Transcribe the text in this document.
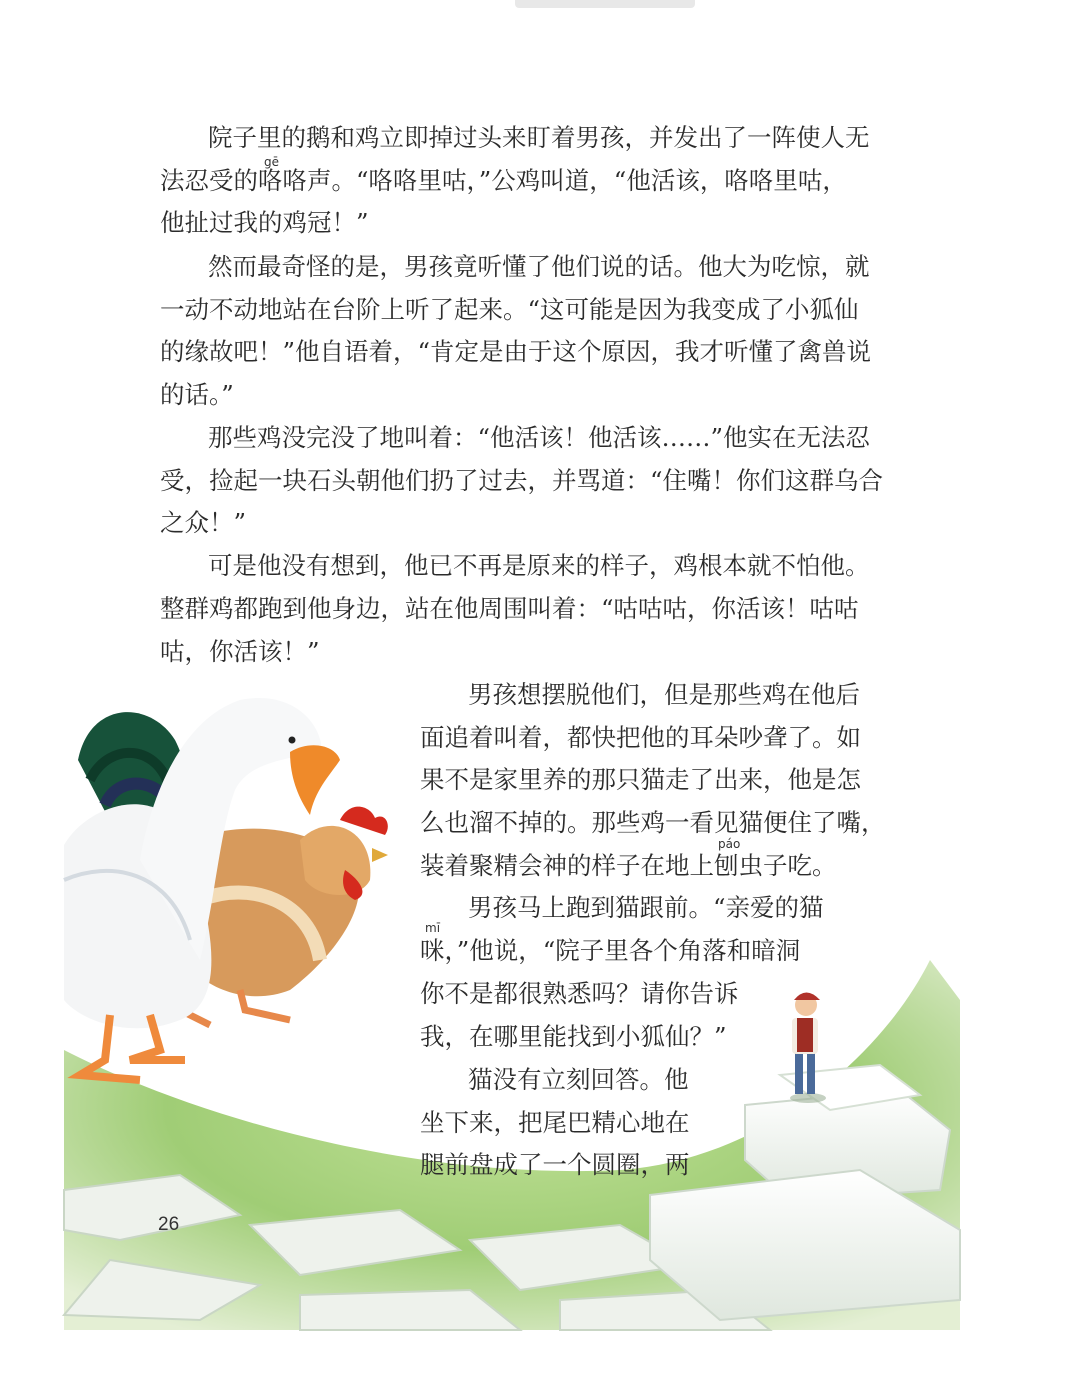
gē
páo
mī
院子里的鹅和鸡立即掉过头来盯着男孩，并发出了一阵使人无
法忍受的咯咯声。“咯咯里咕，”公鸡叫道，“他活该，咯咯里咕，
他扯过我的鸡冠！”
然而最奇怪的是，男孩竟听懂了他们说的话。他大为吃惊，就
一动不动地站在台阶上听了起来。“这可能是因为我变成了小狐仙
的缘故吧！”他自语着，“肯定是由于这个原因，我才听懂了禽兽说
的话。”
那些鸡没完没了地叫着：“他活该！他活该……”他实在无法忍
受，捡起一块石头朝他们扔了过去，并骂道：“住嘴！你们这群乌合
之众！”
可是他没有想到，他已不再是原来的样子，鸡根本就不怕他。
整群鸡都跑到他身边，站在他周围叫着：“咕咕咕，你活该！咕咕
咕，你活该！”
男孩想摆脱他们，但是那些鸡在他后
面追着叫着，都快把他的耳朵吵聋了。如
果不是家里养的那只猫走了出来，他是怎
么也溜不掉的。那些鸡一看见猫便住了嘴，
装着聚精会神的样子在地上刨虫子吃。
男孩马上跑到猫跟前。“亲爱的猫
咪，”他说，“院子里各个角落和暗洞
你不是都很熟悉吗？请你告诉
我，在哪里能找到小狐仙？”
猫没有立刻回答。他
坐下来，把尾巴精心地在
腿前盘成了一个圆圈，两
26
